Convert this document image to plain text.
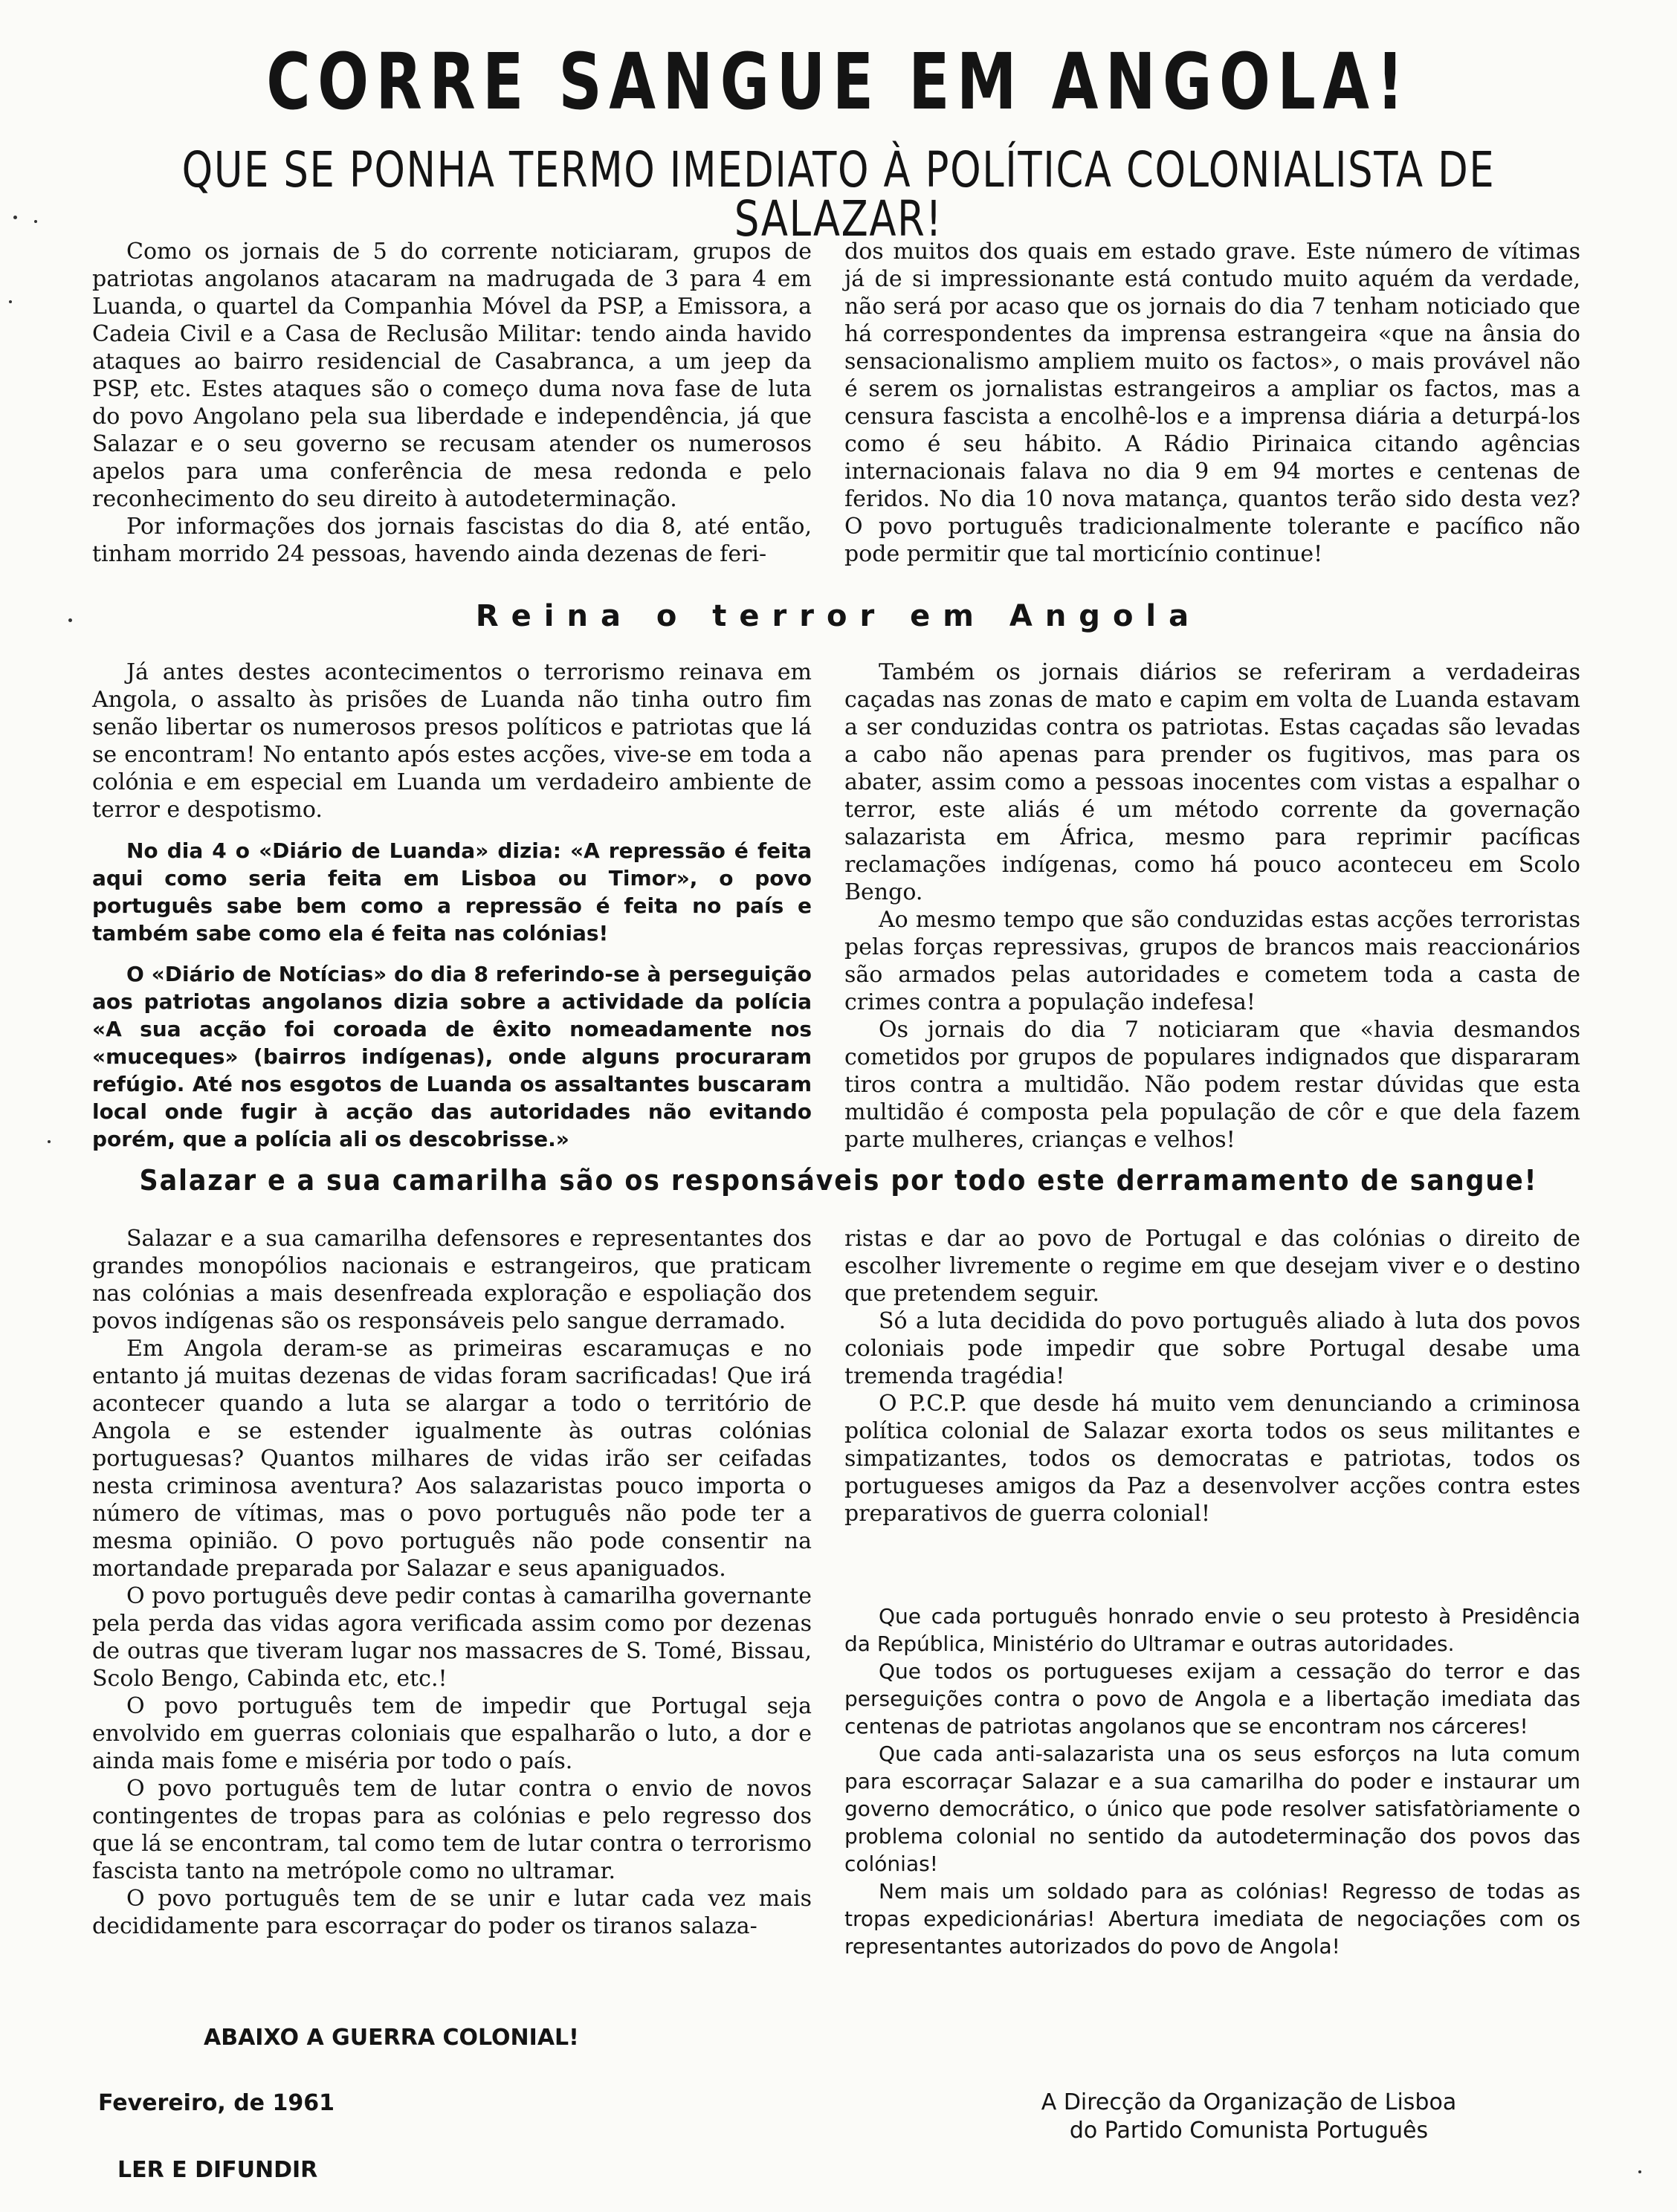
CORRE SANGUE EM ANGOLA!
QUE SE PONHA TERMO IMEDIATO À POLÍTICA COLONIALISTA DE SALAZAR!

Como os jornais de 5 do corrente noticiaram, grupos de patriotas angolanos atacaram na madrugada de 3 para 4 em Luanda, o quartel da Companhia Móvel da PSP, a Emissora, a Cadeia Civil e a Casa de Reclusão Militar: tendo ainda havido ataques ao bairro residencial de Casabranca, a um jeep da PSP, etc. Estes ataques são o começo duma nova fase de luta do povo Angolano pela sua liberdade e independência, já que Salazar e o seu governo se recusam atender os numerosos apelos para uma conferência de mesa redonda e pelo reconhecimento do seu direito à autodeterminação.

Por informações dos jornais fascistas do dia 8, até então, tinham morrido 24 pessoas, havendo ainda dezenas de feri-

dos muitos dos quais em estado grave. Este número de vítimas já de si impressionante está contudo muito aquém da verdade, não será por acaso que os jornais do dia 7 tenham noticiado que há correspondentes da imprensa estrangeira «que na ânsia do sensacionalismo ampliem muito os factos», o mais provável não é serem os jornalistas estrangeiros a ampliar os factos, mas a censura fascista a encolhê-los e a imprensa diária a deturpá-los como é seu hábito. A Rádio Pirinaica citando agências internacionais falava no dia 9 em 94 mortes e centenas de feridos. No dia 10 nova matança, quantos terão sido desta vez? O povo português tradicionalmente tolerante e pacífico não pode permitir que tal morticínio continue!

Reina o terror em Angola

Já antes destes acontecimentos o terrorismo reinava em Angola, o assalto às prisões de Luanda não tinha outro fim senão libertar os numerosos presos políticos e patriotas que lá se encontram! No entanto após estes acções, vive-se em toda a colónia e em especial em Luanda um verdadeiro ambiente de terror e despotismo.

No dia 4 o «Diário de Luanda» dizia: «A repressão é feita aqui como seria feita em Lisboa ou Timor», o povo português sabe bem como a repressão é feita no país e também sabe como ela é feita nas colónias!

O «Diário de Notícias» do dia 8 referindo-se à perseguição aos patriotas angolanos dizia sobre a actividade da polícia «A sua acção foi coroada de êxito nomeadamente nos «muceques» (bairros indígenas), onde alguns procuraram refúgio. Até nos esgotos de Luanda os assaltantes buscaram local onde fugir à acção das autoridades não evitando porém, que a polícia ali os descobrisse.»

Também os jornais diários se referiram a verdadeiras caçadas nas zonas de mato e capim em volta de Luanda estavam a ser conduzidas contra os patriotas. Estas caçadas são levadas a cabo não apenas para prender os fugitivos, mas para os abater, assim como a pessoas inocentes com vistas a espalhar o terror, este aliás é um método corrente da governação salazarista em África, mesmo para reprimir pacíficas reclamações indígenas, como há pouco aconteceu em Scolo Bengo.

Ao mesmo tempo que são conduzidas estas acções terroristas pelas forças repressivas, grupos de brancos mais reaccionários são armados pelas autoridades e cometem toda a casta de crimes contra a população indefesa!

Os jornais do dia 7 noticiaram que «havia desmandos cometidos por grupos de populares indignados que dispararam tiros contra a multidão. Não podem restar dúvidas que esta multidão é composta pela população de côr e que dela fazem parte mulheres, crianças e velhos!

Salazar e a sua camarilha são os responsáveis por todo este derramamento de sangue!

Salazar e a sua camarilha defensores e representantes dos grandes monopólios nacionais e estrangeiros, que praticam nas colónias a mais desenfreada exploração e espoliação dos povos indígenas são os responsáveis pelo sangue derramado.

Em Angola deram-se as primeiras escaramuças e no entanto já muitas dezenas de vidas foram sacrificadas! Que irá acontecer quando a luta se alargar a todo o território de Angola e se estender igualmente às outras colónias portuguesas? Quantos milhares de vidas irão ser ceifadas nesta criminosa aventura? Aos salazaristas pouco importa o número de vítimas, mas o povo português não pode ter a mesma opinião. O povo português não pode consentir na mortandade preparada por Salazar e seus apaniguados.

O povo português deve pedir contas à camarilha governante pela perda das vidas agora verificada assim como por dezenas de outras que tiveram lugar nos massacres de S. Tomé, Bissau, Scolo Bengo, Cabinda etc, etc.!

O povo português tem de impedir que Portugal seja envolvido em guerras coloniais que espalharão o luto, a dor e ainda mais fome e miséria por todo o país.

O povo português tem de lutar contra o envio de novos contingentes de tropas para as colónias e pelo regresso dos que lá se encontram, tal como tem de lutar contra o terrorismo fascista tanto na metrópole como no ultramar.

O povo português tem de se unir e lutar cada vez mais decididamente para escorraçar do poder os tiranos salaza-

ristas e dar ao povo de Portugal e das colónias o direito de escolher livremente o regime em que desejam viver e o destino que pretendem seguir.

Só a luta decidida do povo português aliado à luta dos povos coloniais pode impedir que sobre Portugal desabe uma tremenda tragédia!

O P.C.P. que desde há muito vem denunciando a criminosa política colonial de Salazar exorta todos os seus militantes e simpatizantes, todos os democratas e patriotas, todos os portugueses amigos da Paz a desenvolver acções contra estes preparativos de guerra colonial!

Que cada português honrado envie o seu protesto à Presidência da República, Ministério do Ultramar e outras autoridades.

Que todos os portugueses exijam a cessação do terror e das perseguições contra o povo de Angola e a libertação imediata das centenas de patriotas angolanos que se encontram nos cárceres!

Que cada anti-salazarista una os seus esforços na luta comum para escorraçar Salazar e a sua camarilha do poder e instaurar um governo democrático, o único que pode resolver satisfatòriamente o problema colonial no sentido da autodeterminação dos povos das colónias!

Nem mais um soldado para as colónias! Regresso de todas as tropas expedicionárias! Abertura imediata de negociações com os representantes autorizados do povo de Angola!

ABAIXO A GUERRA COLONIAL!
Fevereiro, de 1961	A Direcção da Organização de Lisboa
do Partido Comunista Português
LER E DIFUNDIR
